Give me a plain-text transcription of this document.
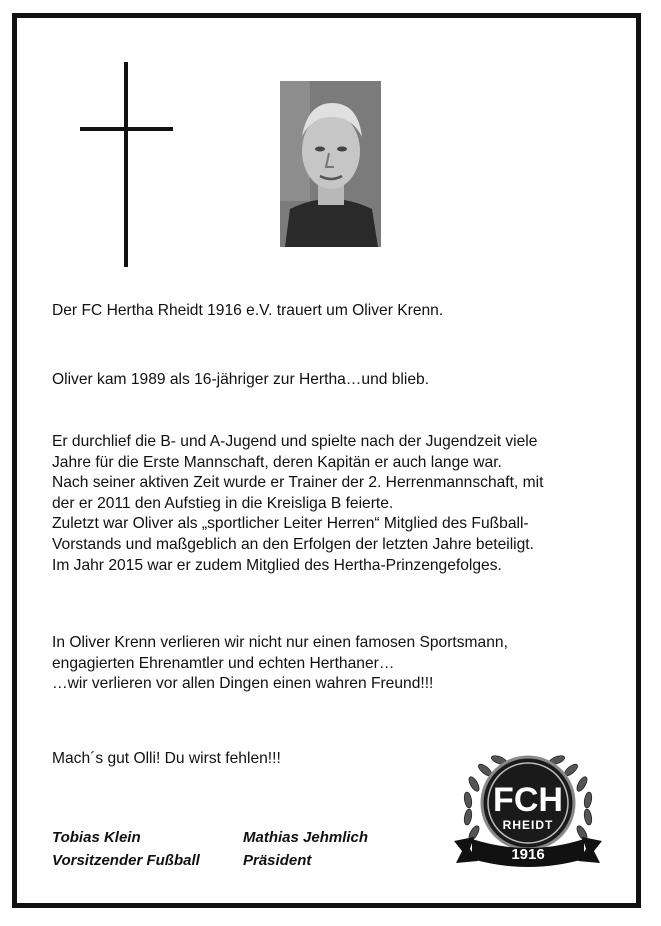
Der FC Hertha Rheidt 1916 e.V. trauert um Oliver Krenn.
Oliver kam 1989 als 16-jähriger zur Hertha…und blieb.
Er durchlief die B- und A-Jugend und spielte nach der Jugendzeit viele
Jahre für die Erste Mannschaft, deren Kapitän er auch lange war.
Nach seiner aktiven Zeit wurde er Trainer der 2. Herrenmannschaft, mit
der er 2011 den Aufstieg in die Kreisliga B feierte.
Zuletzt war Oliver als „sportlicher Leiter Herren“ Mitglied des Fußball-
Vorstands und maßgeblich an den Erfolgen der letzten Jahre beteiligt.
Im Jahr 2015 war er zudem Mitglied des Hertha-Prinzengefolges.
In Oliver Krenn verlieren wir nicht nur einen famosen Sportsmann,
engagierten Ehrenamtler und echten Herthaner…
…wir verlieren vor allen Dingen einen wahren Freund!!!
Mach´s gut Olli! Du wirst fehlen!!!
Tobias Klein
Vorsitzender Fußball
Mathias Jehmlich
Präsident
FCH
RHEIDT
1916
